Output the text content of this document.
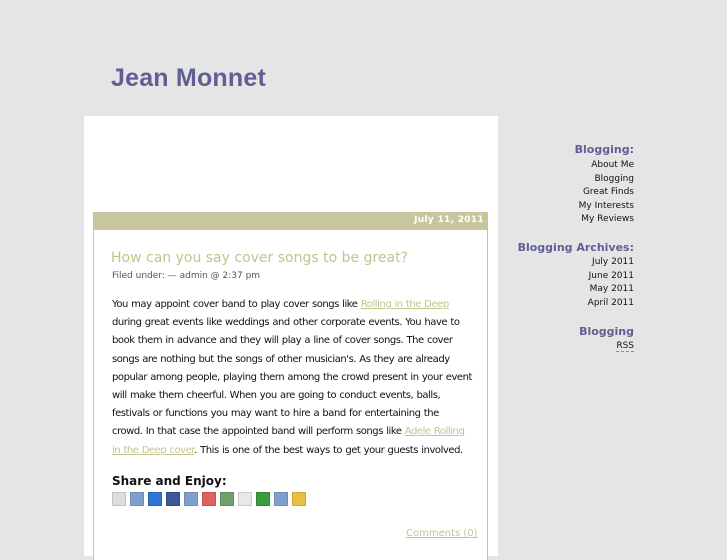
Jean Monnet
July 11, 2011
How can you say cover songs to be great?
Filed under: — admin @ 2:37 pm
You may appoint cover band to play cover songs like Rolling in the Deep during great events like weddings and other corporate events. You have to book them in advance and they will play a line of cover songs. The cover songs are nothing but the songs of other musician's. As they are already popular among people, playing them among the crowd present in your event will make them cheerful. When you are going to conduct events, balls, festivals or functions you may want to hire a band for entertaining the crowd. In that case the appointed band will perform songs like Adele Rolling in the Deep cover. This is one of the best ways to get your guests involved.
Share and Enjoy:
Comments (0)
Blogging:
About Me
Blogging
Great Finds
My Interests
My Reviews
Blogging Archives:
July 2011
June 2011
May 2011
April 2011
Blogging
RSS
